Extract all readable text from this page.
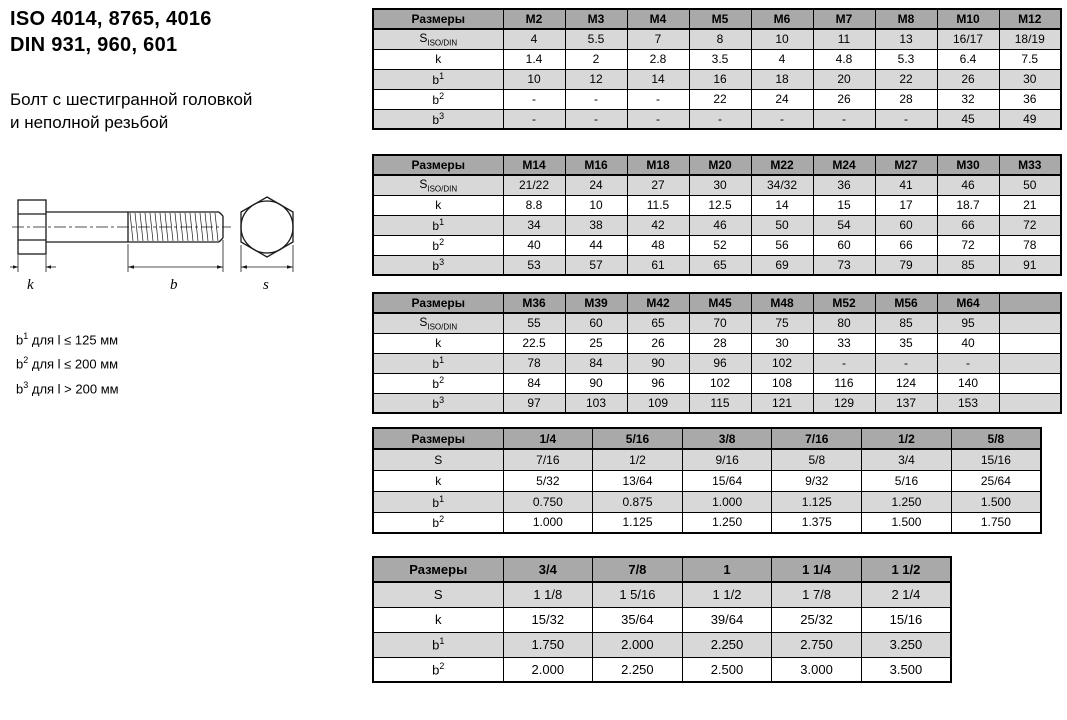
ISO 4014, 8765, 4016
DIN 931, 960, 601
Болт с шестигранной головкой
и неполной резьбой
k	b	s
$b^1$ для l ≤ 125 мм
$b^2$ для l ≤ 200 мм
$b^3$ для l > 200 мм
Размеры	M2	M3	M4	M5	M6	M7	M8	M10	M12
$S_{ISO/DIN}$	4	5.5	7	8	10	11	13	16/17	18/19
k	1.4	2	2.8	3.5	4	4.8	5.3	6.4	7.5
$b^1$	10	12	14	16	18	20	22	26	30
$b^2$	-	-	-	22	24	26	28	32	36
$b^3$	-	-	-	-	-	-	-	45	49
Размеры	M14	M16	M18	M20	M22	M24	M27	M30	M33
$S_{ISO/DIN}$	21/22	24	27	30	34/32	36	41	46	50
k	8.8	10	11.5	12.5	14	15	17	18.7	21
$b^1$	34	38	42	46	50	54	60	66	72
$b^2$	40	44	48	52	56	60	66	72	78
$b^3$	53	57	61	65	69	73	79	85	91
Размеры	M36	M39	M42	M45	M48	M52	M56	M64	
$S_{ISO/DIN}$	55	60	65	70	75	80	85	95	
k	22.5	25	26	28	30	33	35	40	
$b^1$	78	84	90	96	102	-	-	-	
$b^2$	84	90	96	102	108	116	124	140	
$b^3$	97	103	109	115	121	129	137	153	
Размеры	1/4	5/16	3/8	7/16	1/2	5/8
S	7/16	1/2	9/16	5/8	3/4	15/16
k	5/32	13/64	15/64	9/32	5/16	25/64
$b^1$	0.750	0.875	1.000	1.125	1.250	1.500
$b^2$	1.000	1.125	1.250	1.375	1.500	1.750
Размеры	3/4	7/8	1	1 1/4	1 1/2
S	1 1/8	1 5/16	1 1/2	1 7/8	2 1/4
k	15/32	35/64	39/64	25/32	15/16
$b^1$	1.750	2.000	2.250	2.750	3.250
$b^2$	2.000	2.250	2.500	3.000	3.500
